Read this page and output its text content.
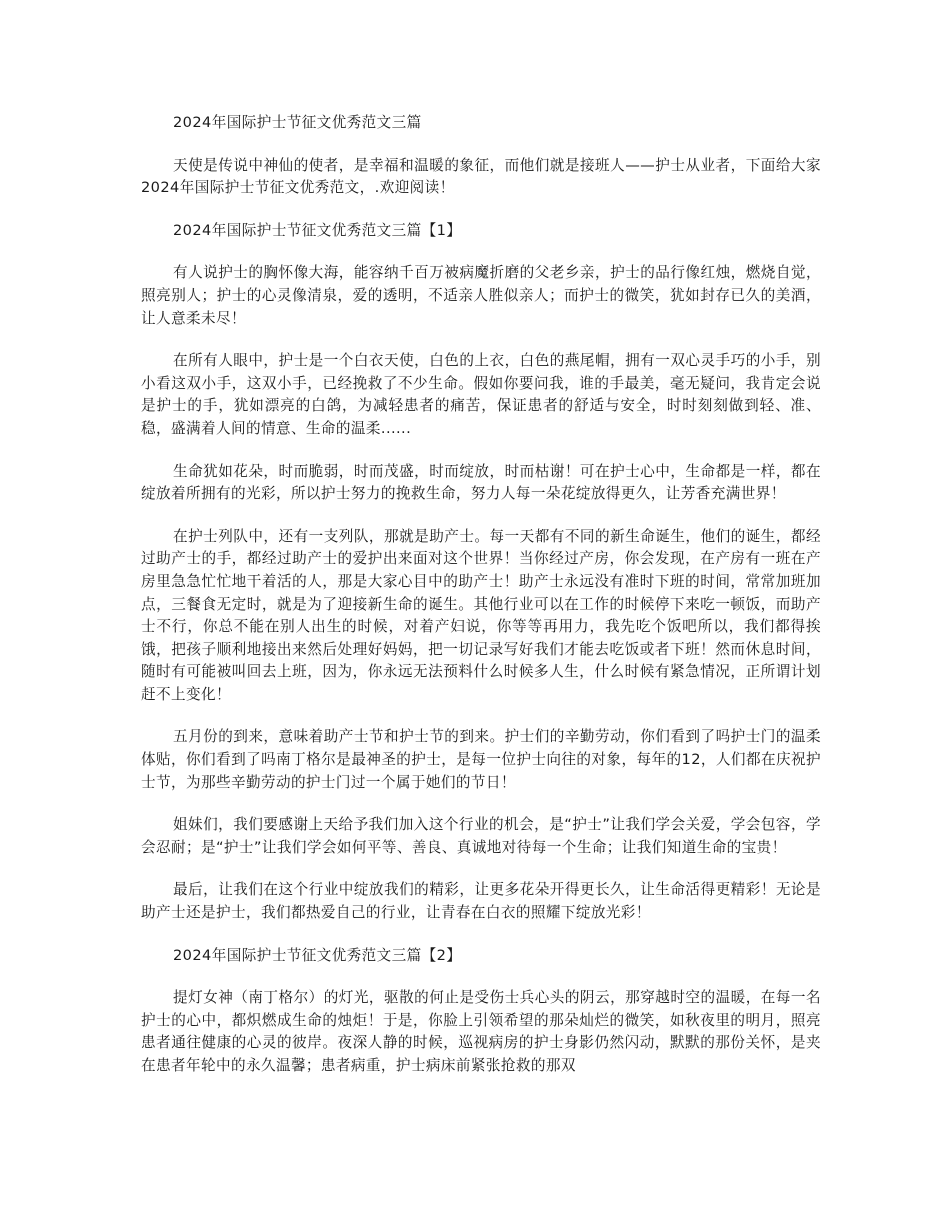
2024年国际护士节征文优秀范文三篇

天使是传说中神仙的使者，是幸福和温暖的象征，而他们就是接班人——护士从业者，下面给大家2024年国际护士节征文优秀范文，.欢迎阅读！

2024年国际护士节征文优秀范文三篇【1】

有人说护士的胸怀像大海，能容纳千百万被病魔折磨的父老乡亲，护士的品行像红烛，燃烧自觉，照亮别人；护士的心灵像清泉，爱的透明，不适亲人胜似亲人；而护士的微笑，犹如封存已久的美酒，让人意柔未尽！

在所有人眼中，护士是一个白衣天使，白色的上衣，白色的燕尾帽，拥有一双心灵手巧的小手，别小看这双小手，这双小手，已经挽救了不少生命。假如你要问我，谁的手最美，毫无疑问，我肯定会说是护士的手，犹如漂亮的白鸽，为减轻患者的痛苦，保证患者的舒适与安全，时时刻刻做到轻、准、稳，盛满着人间的情意、生命的温柔......

生命犹如花朵，时而脆弱，时而茂盛，时而绽放，时而枯谢！可在护士心中，生命都是一样，都在绽放着所拥有的光彩，所以护士努力的挽救生命，努力人每一朵花绽放得更久，让芳香充满世界！

在护士列队中，还有一支列队，那就是助产士。每一天都有不同的新生命诞生，他们的诞生，都经过助产士的手，都经过助产士的爱护出来面对这个世界！当你经过产房，你会发现，在产房有一班在产房里急急忙忙地干着活的人，那是大家心目中的助产士！助产士永远没有准时下班的时间，常常加班加点，三餐食无定时，就是为了迎接新生命的诞生。其他行业可以在工作的时候停下来吃一顿饭，而助产士不行，你总不能在别人出生的时候，对着产妇说，你等等再用力，我先吃个饭吧所以，我们都得挨饿，把孩子顺利地接出来然后处理好妈妈，把一切记录写好我们才能去吃饭或者下班！然而休息时间，随时有可能被叫回去上班，因为，你永远无法预料什么时候多人生，什么时候有紧急情况，正所谓计划赶不上变化！

五月份的到来，意味着助产士节和护士节的到来。护士们的辛勤劳动，你们看到了吗护士门的温柔体贴，你们看到了吗南丁格尔是最神圣的护士，是每一位护士向往的对象，每年的12，人们都在庆祝护士节，为那些辛勤劳动的护士门过一个属于她们的节日！

姐妹们，我们要感谢上天给予我们加入这个行业的机会，是“护士”让我们学会关爱，学会包容，学会忍耐；是“护士”让我们学会如何平等、善良、真诚地对待每一个生命；让我们知道生命的宝贵！

最后，让我们在这个行业中绽放我们的精彩，让更多花朵开得更长久，让生命活得更精彩！无论是助产士还是护士，我们都热爱自己的行业，让青春在白衣的照耀下绽放光彩！

2024年国际护士节征文优秀范文三篇【2】

提灯女神（南丁格尔）的灯光，驱散的何止是受伤士兵心头的阴云，那穿越时空的温暖，在每一名护士的心中，都炽燃成生命的烛炬！于是，你脸上引领希望的那朵灿烂的微笑，如秋夜里的明月，照亮患者通往健康的心灵的彼岸。夜深人静的时候，巡视病房的护士身影仍然闪动，默默的那份关怀，是夹在患者年轮中的永久温馨；患者病重，护士病床前紧张抢救的那双
